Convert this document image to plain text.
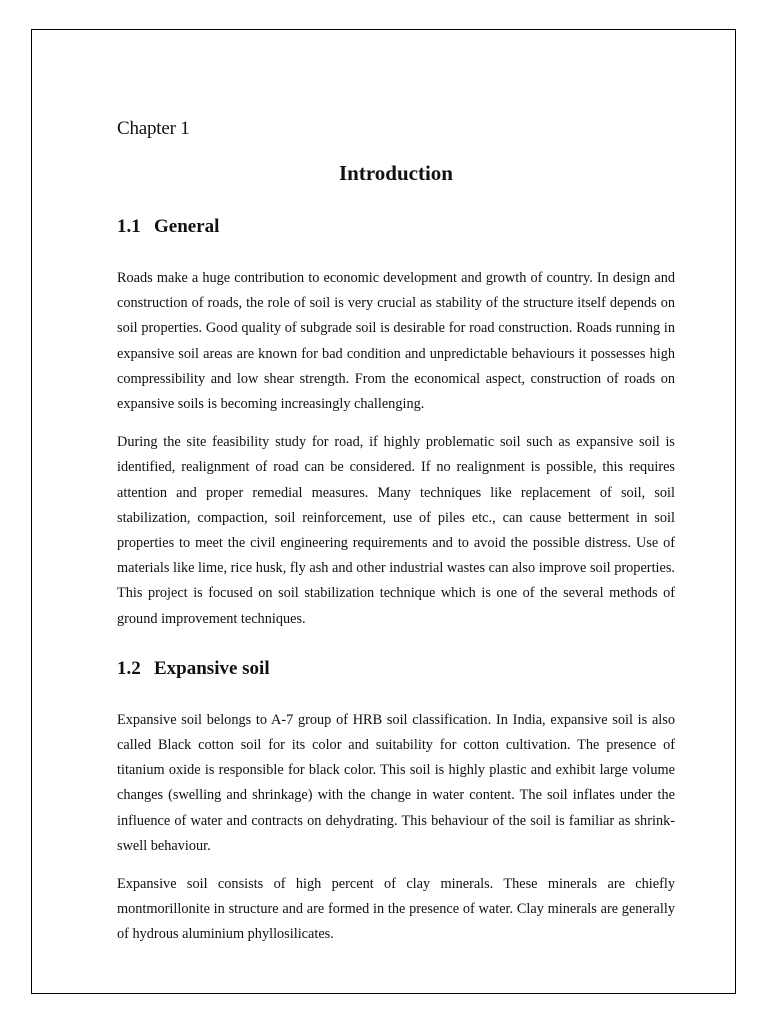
Chapter 1

Introduction
1.1 General

Roads make a huge contribution to economic development and growth of country. In design and construction of roads, the role of soil is very crucial as stability of the structure itself depends on soil properties. Good quality of subgrade soil is desirable for road construction. Roads running in expansive soil areas are known for bad condition and unpredictable behaviours it possesses high compressibility and low shear strength. From the economical aspect, construction of roads on expansive soils is becoming increasingly challenging.

During the site feasibility study for road, if highly problematic soil such as expansive soil is identified, realignment of road can be considered. If no realignment is possible, this requires attention and proper remedial measures. Many techniques like replacement of soil, soil stabilization, compaction, soil reinforcement, use of piles etc., can cause betterment in soil properties to meet the civil engineering requirements and to avoid the possible distress. Use of materials like lime, rice husk, fly ash and other industrial wastes can also improve soil properties. This project is focused on soil stabilization technique which is one of the several methods of ground improvement techniques.

1.2 Expansive soil

Expansive soil belongs to A-7 group of HRB soil classification. In India, expansive soil is also called Black cotton soil for its color and suitability for cotton cultivation. The presence of titanium oxide is responsible for black color. This soil is highly plastic and exhibit large volume changes (swelling and shrinkage) with the change in water content. The soil inflates under the influence of water and contracts on dehydrating. This behaviour of the soil is familiar as shrink-swell behaviour.

Expansive soil consists of high percent of clay minerals. These minerals are chiefly montmorillonite in structure and are formed in the presence of water. Clay minerals are generally of hydrous aluminium phyllosilicates.
